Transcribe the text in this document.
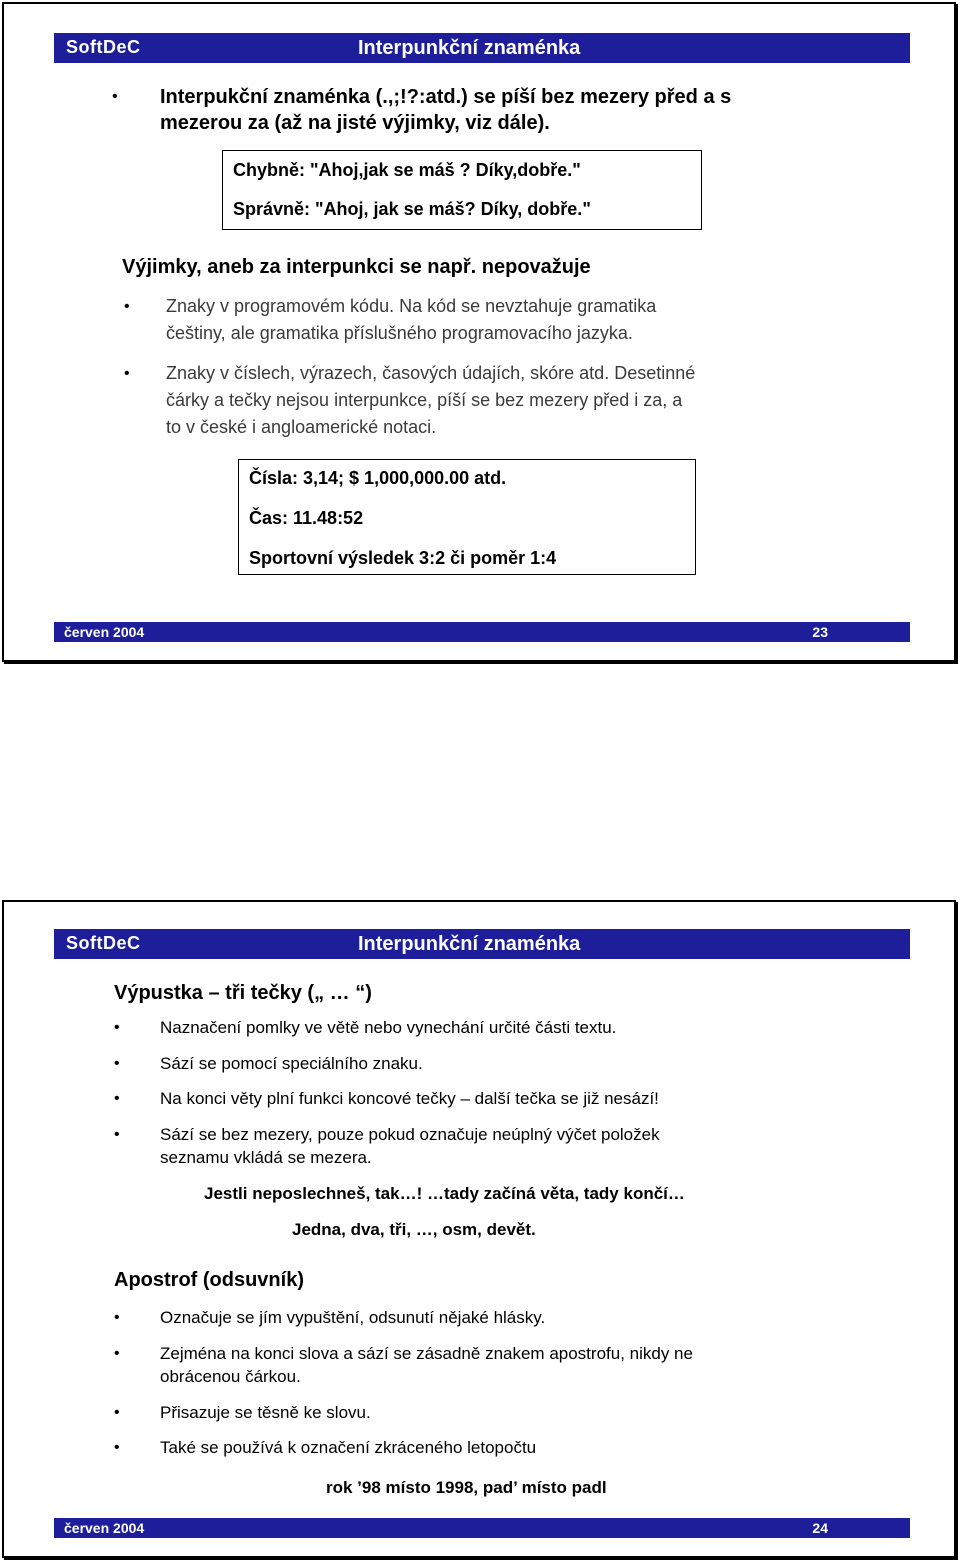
SoftDeC	Interpunkční znaménka
•
Interpukční znaménka (.,;!?:atd.) se píší bez mezery před a s
mezerou za (až na jisté výjimky, viz dále).
Chybně: "Ahoj,jak se máš ? Díky,dobře."
Správně: "Ahoj, jak se máš? Díky, dobře."
Výjimky, aneb za interpunkci se např. nepovažuje
•
Znaky v programovém kódu. Na kód se nevztahuje gramatika
češtiny, ale gramatika příslušného programovacího jazyka.
•
Znaky v číslech, výrazech, časových údajích, skóre atd. Desetinné
čárky a tečky nejsou interpunkce, píší se bez mezery před i za, a
to v české i angloamerické notaci.
Čísla: 3,14; $ 1,000,000.00 atd.
Čas: 11.48:52
Sportovní výsledek 3:2 či poměr 1:4
červen 2004	23
SoftDeC	Interpunkční znaménka
Výpustka – tři tečky („ … “)
•
Naznačení pomlky ve větě nebo vynechání určité části textu.
•
Sází se pomocí speciálního znaku.
•
Na konci věty plní funkci koncové tečky – další tečka se již nesází!
•
Sází se bez mezery, pouze pokud označuje neúplný výčet položek
seznamu vkládá se mezera.
Jestli neposlechneš, tak…! …tady začíná věta, tady končí…
Jedna, dva, tři, …, osm, devět.
Apostrof (odsuvník)
•
Označuje se jím vypuštění, odsunutí nějaké hlásky.
•
Zejména na konci slova a sází se zásadně znakem apostrofu, nikdy ne
obrácenou čárkou.
•
Přisazuje se těsně ke slovu.
•
Také se používá k označení zkráceného letopočtu
rok ’98 místo 1998, pad’ místo padl
červen 2004	24
